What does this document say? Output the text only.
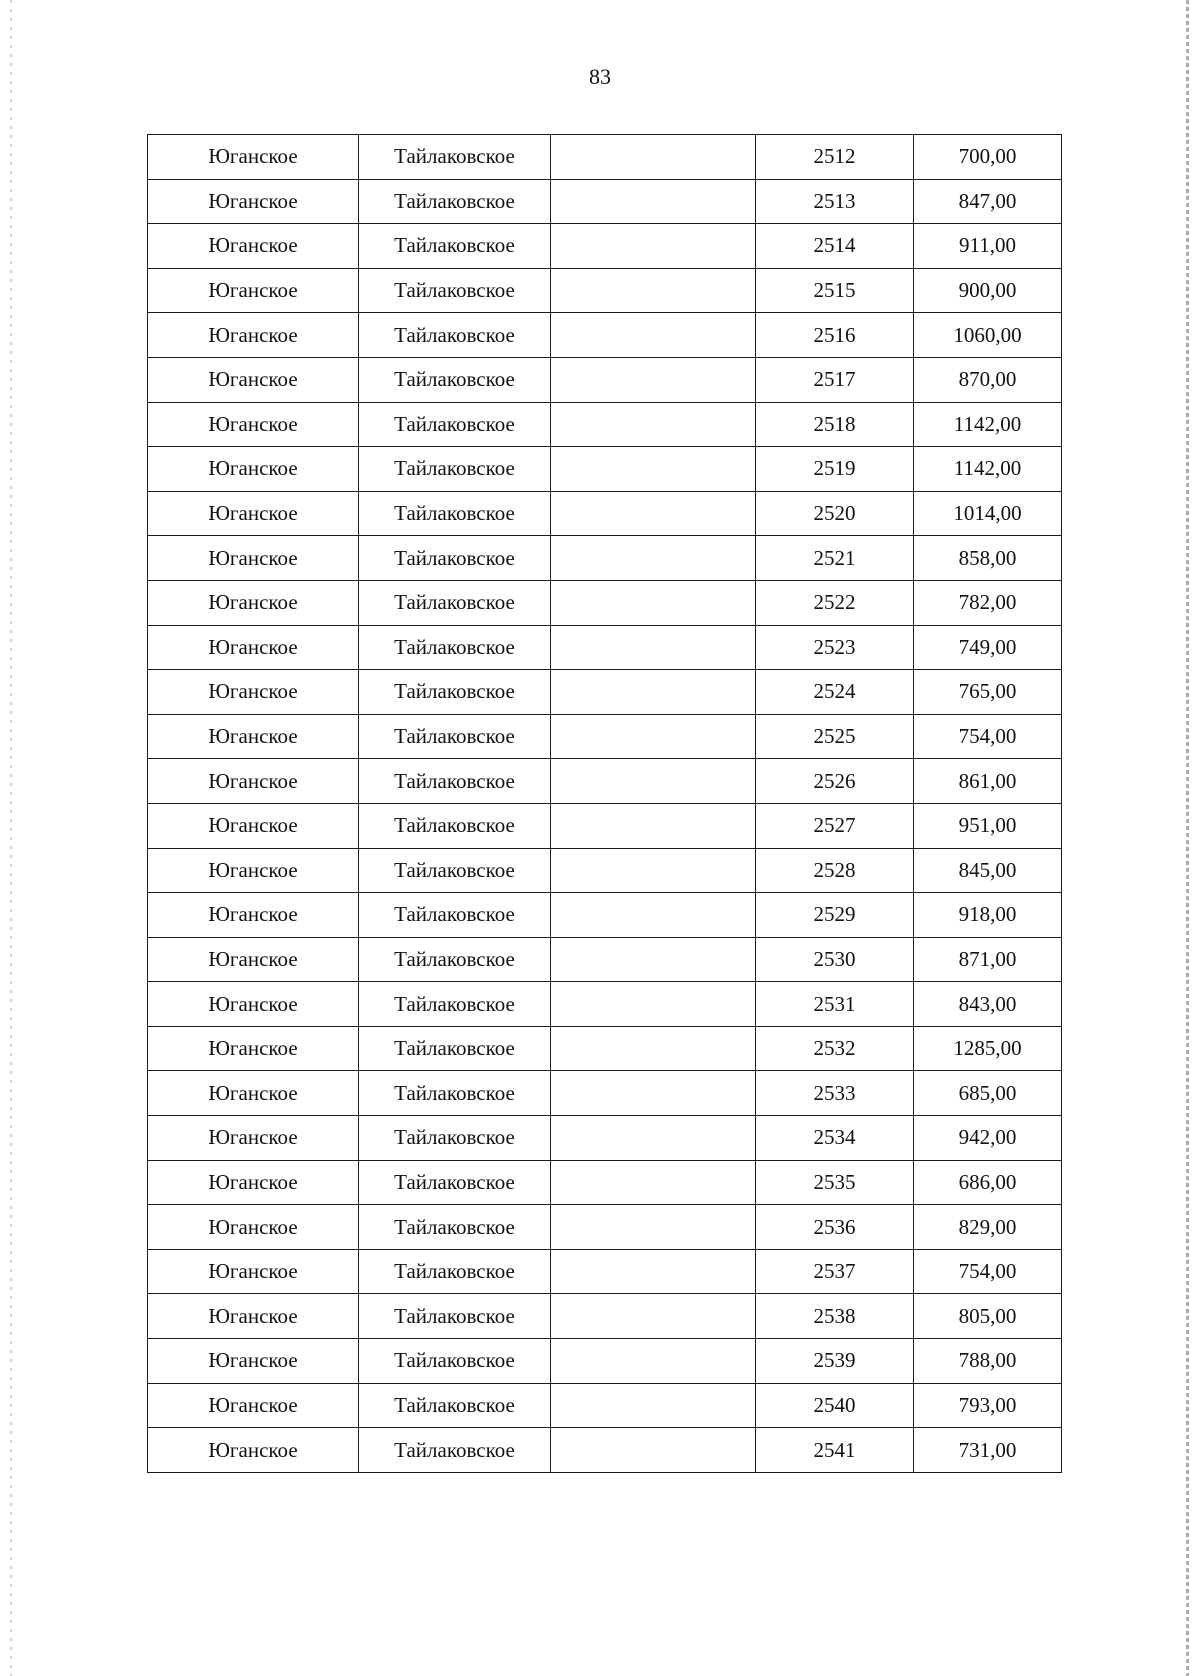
83
Юганское	Тайлаковское		2512	700,00
Юганское	Тайлаковское		2513	847,00
Юганское	Тайлаковское		2514	911,00
Юганское	Тайлаковское		2515	900,00
Юганское	Тайлаковское		2516	1060,00
Юганское	Тайлаковское		2517	870,00
Юганское	Тайлаковское		2518	1142,00
Юганское	Тайлаковское		2519	1142,00
Юганское	Тайлаковское		2520	1014,00
Юганское	Тайлаковское		2521	858,00
Юганское	Тайлаковское		2522	782,00
Юганское	Тайлаковское		2523	749,00
Юганское	Тайлаковское		2524	765,00
Юганское	Тайлаковское		2525	754,00
Юганское	Тайлаковское		2526	861,00
Юганское	Тайлаковское		2527	951,00
Юганское	Тайлаковское		2528	845,00
Юганское	Тайлаковское		2529	918,00
Юганское	Тайлаковское		2530	871,00
Юганское	Тайлаковское		2531	843,00
Юганское	Тайлаковское		2532	1285,00
Юганское	Тайлаковское		2533	685,00
Юганское	Тайлаковское		2534	942,00
Юганское	Тайлаковское		2535	686,00
Юганское	Тайлаковское		2536	829,00
Юганское	Тайлаковское		2537	754,00
Юганское	Тайлаковское		2538	805,00
Юганское	Тайлаковское		2539	788,00
Юганское	Тайлаковское		2540	793,00
Юганское	Тайлаковское		2541	731,00
